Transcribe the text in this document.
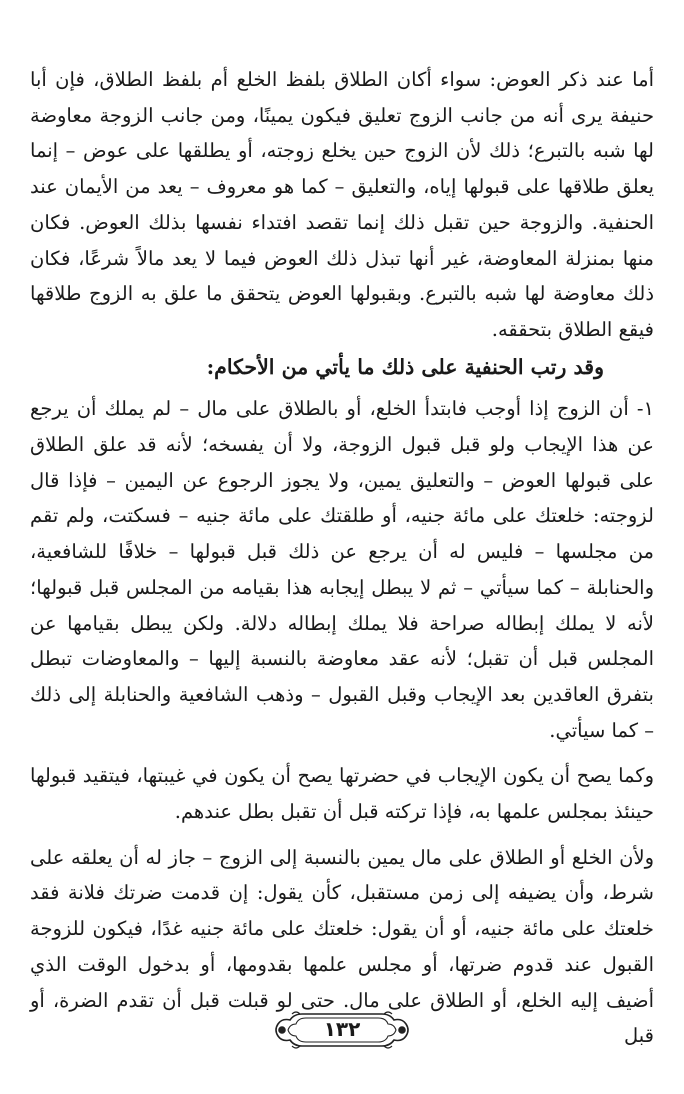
أما عند ذكر العوض: سواء أكان الطلاق بلفظ الخلع أم بلفظ الطلاق، فإن أبا حنيفة يرى أنه من جانب الزوج تعليق فيكون يمينًا، ومن جانب الزوجة معاوضة لها شبه بالتبرع؛ ذلك لأن الزوج حين يخلع زوجته، أو يطلقها على عوض – إنما يعلق طلاقها على قبولها إياه، والتعليق – كما هو معروف – يعد من الأيمان عند الحنفية. والزوجة حين تقبل ذلك إنما تقصد افتداء نفسها بذلك العوض. فكان منها بمنزلة المعاوضة، غير أنها تبذل ذلك العوض فيما لا يعد مالاً شرعًا، فكان ذلك معاوضة لها شبه بالتبرع. وبقبولها العوض يتحقق ما علق به الزوج طلاقها فيقع الطلاق بتحققه.

وقد رتب الحنفية على ذلك ما يأتي من الأحكام:

١- أن الزوج إذا أوجب فابتدأ الخلع، أو بالطلاق على مال – لم يملك أن يرجع عن هذا الإيجاب ولو قبل قبول الزوجة، ولا أن يفسخه؛ لأنه قد علق الطلاق على قبولها العوض – والتعليق يمين، ولا يجوز الرجوع عن اليمين – فإذا قال لزوجته: خلعتك على مائة جنيه، أو طلقتك على مائة جنيه – فسكتت، ولم تقم من مجلسها – فليس له أن يرجع عن ذلك قبل قبولها – خلافًا للشافعية، والحنابلة – كما سيأتي – ثم لا يبطل إيجابه هذا بقيامه من المجلس قبل قبولها؛ لأنه لا يملك إبطاله صراحة فلا يملك إبطاله دلالة. ولكن يبطل بقيامها عن المجلس قبل أن تقبل؛ لأنه عقد معاوضة بالنسبة إليها – والمعاوضات تبطل بتفرق العاقدين بعد الإيجاب وقبل القبول – وذهب الشافعية والحنابلة إلى ذلك – كما سيأتي.

وكما يصح أن يكون الإيجاب في حضرتها يصح أن يكون في غيبتها، فيتقيد قبولها حينئذ بمجلس علمها به، فإذا تركته قبل أن تقبل بطل عندهم.

ولأن الخلع أو الطلاق على مال يمين بالنسبة إلى الزوج – جاز له أن يعلقه على شرط، وأن يضيفه إلى زمن مستقبل، كأن يقول: إن قدمت ضرتك فلانة فقد خلعتك على مائة جنيه، أو أن يقول: خلعتك على مائة جنيه غدًا، فيكون للزوجة القبول عند قدوم ضرتها، أو مجلس علمها بقدومها، أو بدخول الوقت الذي أضيف إليه الخلع، أو الطلاق على مال. حتى لو قبلت قبل أن تقدم الضرة، أو قبل

١٣٢
